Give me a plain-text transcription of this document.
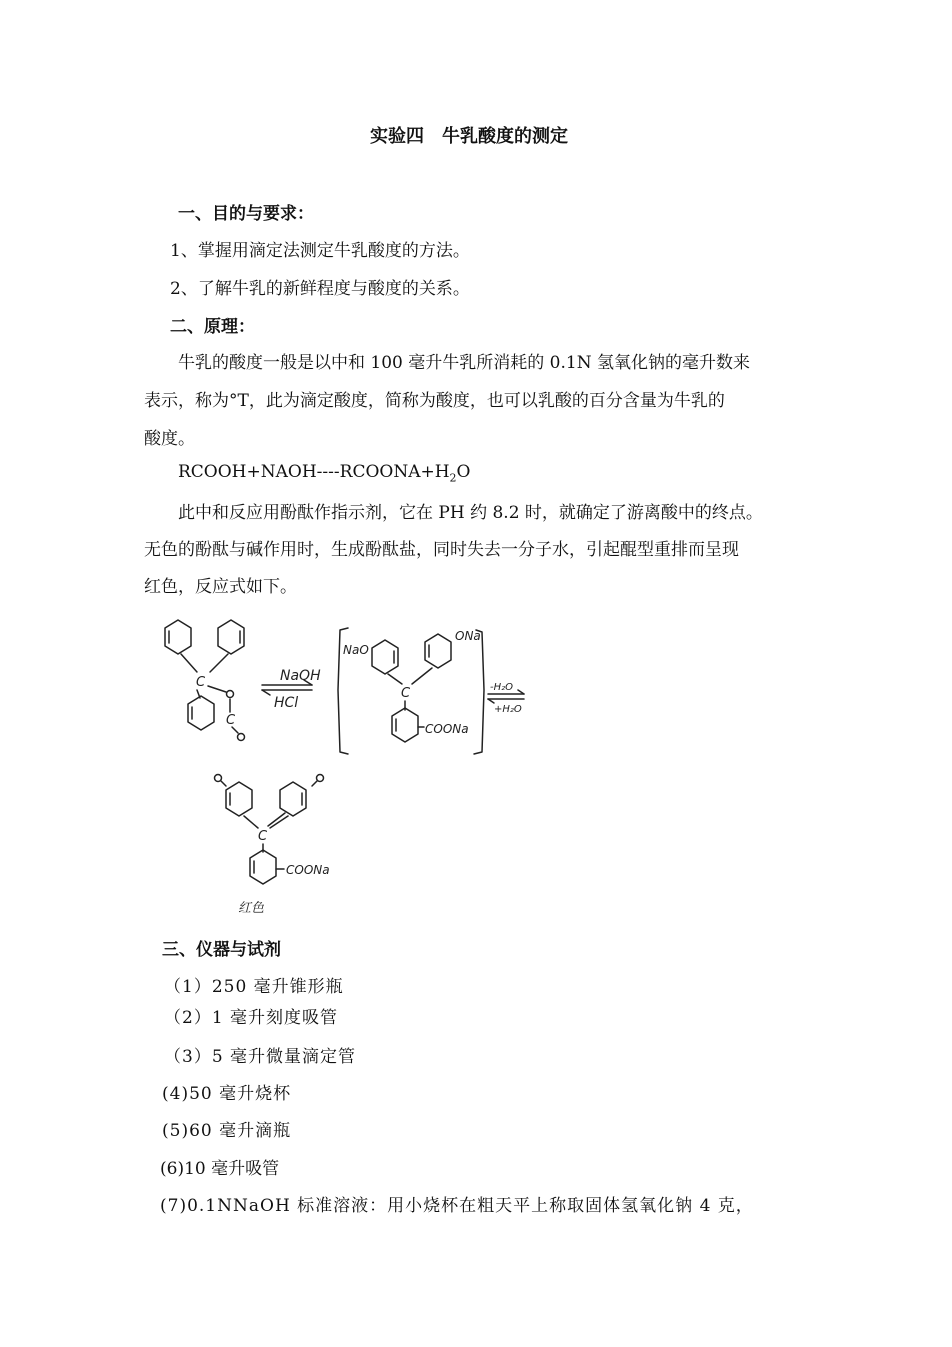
实验四　牛乳酸度的测定
一、目的与要求：
1、掌握用滴定法测定牛乳酸度的方法。
2、了解牛乳的新鲜程度与酸度的关系。
二、原理：
牛乳的酸度一般是以中和 100 毫升牛乳所消耗的 0.1N 氢氧化钠的毫升数来
表示，称为°T，此为滴定酸度，简称为酸度，也可以乳酸的百分含量为牛乳的
酸度。
$RCOOH+NAOH----RCOONA+H_2O$
此中和反应用酚酞作指示剂，它在 PH 约 8.2 时，就确定了游离酸中的终点。
无色的酚酞与碱作用时，生成酚酞盐，同时失去一分子水，引起醌型重排而呈现
红色，反应式如下。
C
C
NaOH
HCl
NaO
ONa
C
COONa
-H₂O
+H₂O
C
COONa
红色
三、仪器与试剂
（1）250 毫升锥形瓶
（2）1 毫升刻度吸管
（3）5 毫升微量滴定管
(4)50 毫升烧杯
(5)60 毫升滴瓶
(6)10 毫升吸管
(7)0.1NNaOH 标准溶液：用小烧杯在粗天平上称取固体氢氧化钠 4 克，
